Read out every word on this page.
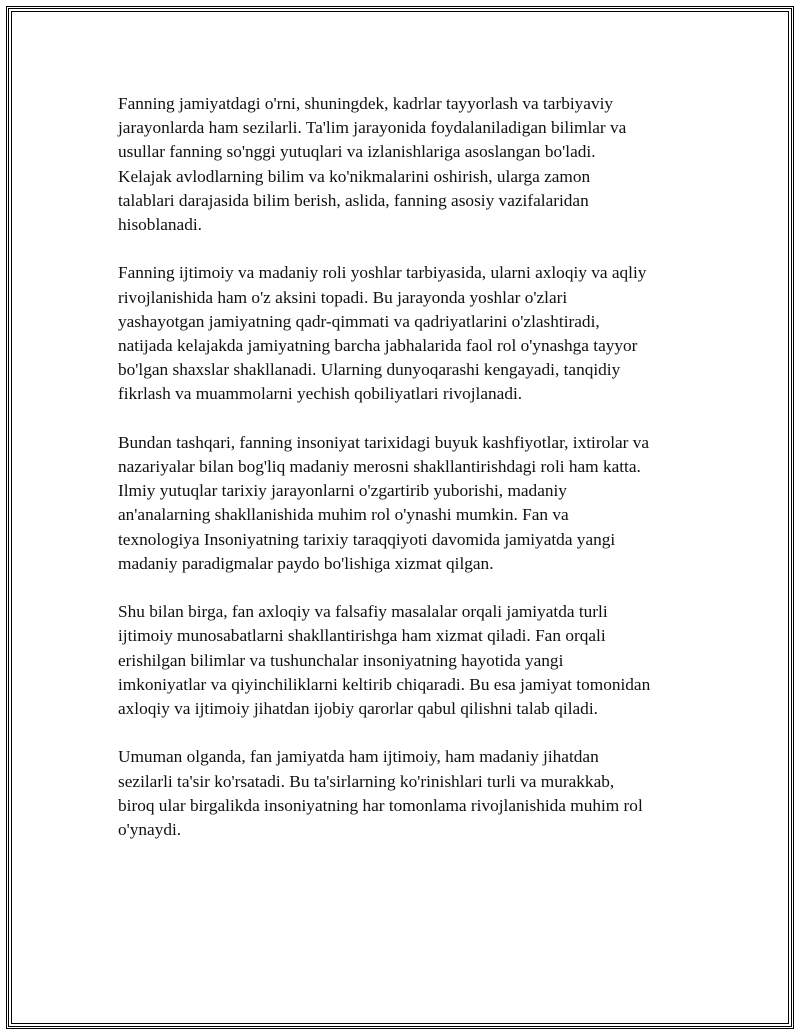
Fanning jamiyatdagi o'rni, shuningdek, kadrlar tayyorlash va tarbiyaviy
jarayonlarda ham sezilarli. Ta'lim jarayonida foydalaniladigan bilimlar va
usullar fanning so'nggi yutuqlari va izlanishlariga asoslangan bo'ladi.
Kelajak avlodlarning bilim va ko'nikmalarini oshirish, ularga zamon
talablari darajasida bilim berish, aslida, fanning asosiy vazifalaridan
hisoblanadi.

Fanning ijtimoiy va madaniy roli yoshlar tarbiyasida, ularni axloqiy va aqliy
rivojlanishida ham o'z aksini topadi. Bu jarayonda yoshlar o'zlari
yashayotgan jamiyatning qadr-qimmati va qadriyatlarini o'zlashtiradi,
natijada kelajakda jamiyatning barcha jabhalarida faol rol o'ynashga tayyor
bo'lgan shaxslar shakllanadi. Ularning dunyoqarashi kengayadi, tanqidiy
fikrlash va muammolarni yechish qobiliyatlari rivojlanadi.

Bundan tashqari, fanning insoniyat tarixidagi buyuk kashfiyotlar, ixtirolar va
nazariyalar bilan bog'liq madaniy merosni shakllantirishdagi roli ham katta.
Ilmiy yutuqlar tarixiy jarayonlarni o'zgartirib yuborishi, madaniy
an'analarning shakllanishida muhim rol o'ynashi mumkin. Fan va
texnologiya Insoniyatning tarixiy taraqqiyoti davomida jamiyatda yangi
madaniy paradigmalar paydo bo'lishiga xizmat qilgan.

Shu bilan birga, fan axloqiy va falsafiy masalalar orqali jamiyatda turli
ijtimoiy munosabatlarni shakllantirishga ham xizmat qiladi. Fan orqali
erishilgan bilimlar va tushunchalar insoniyatning hayotida yangi
imkoniyatlar va qiyinchiliklarni keltirib chiqaradi. Bu esa jamiyat tomonidan
axloqiy va ijtimoiy jihatdan ijobiy qarorlar qabul qilishni talab qiladi.

Umuman olganda, fan jamiyatda ham ijtimoiy, ham madaniy jihatdan
sezilarli ta'sir ko'rsatadi. Bu ta'sirlarning ko'rinishlari turli va murakkab,
biroq ular birgalikda insoniyatning har tomonlama rivojlanishida muhim rol
o'ynaydi.
